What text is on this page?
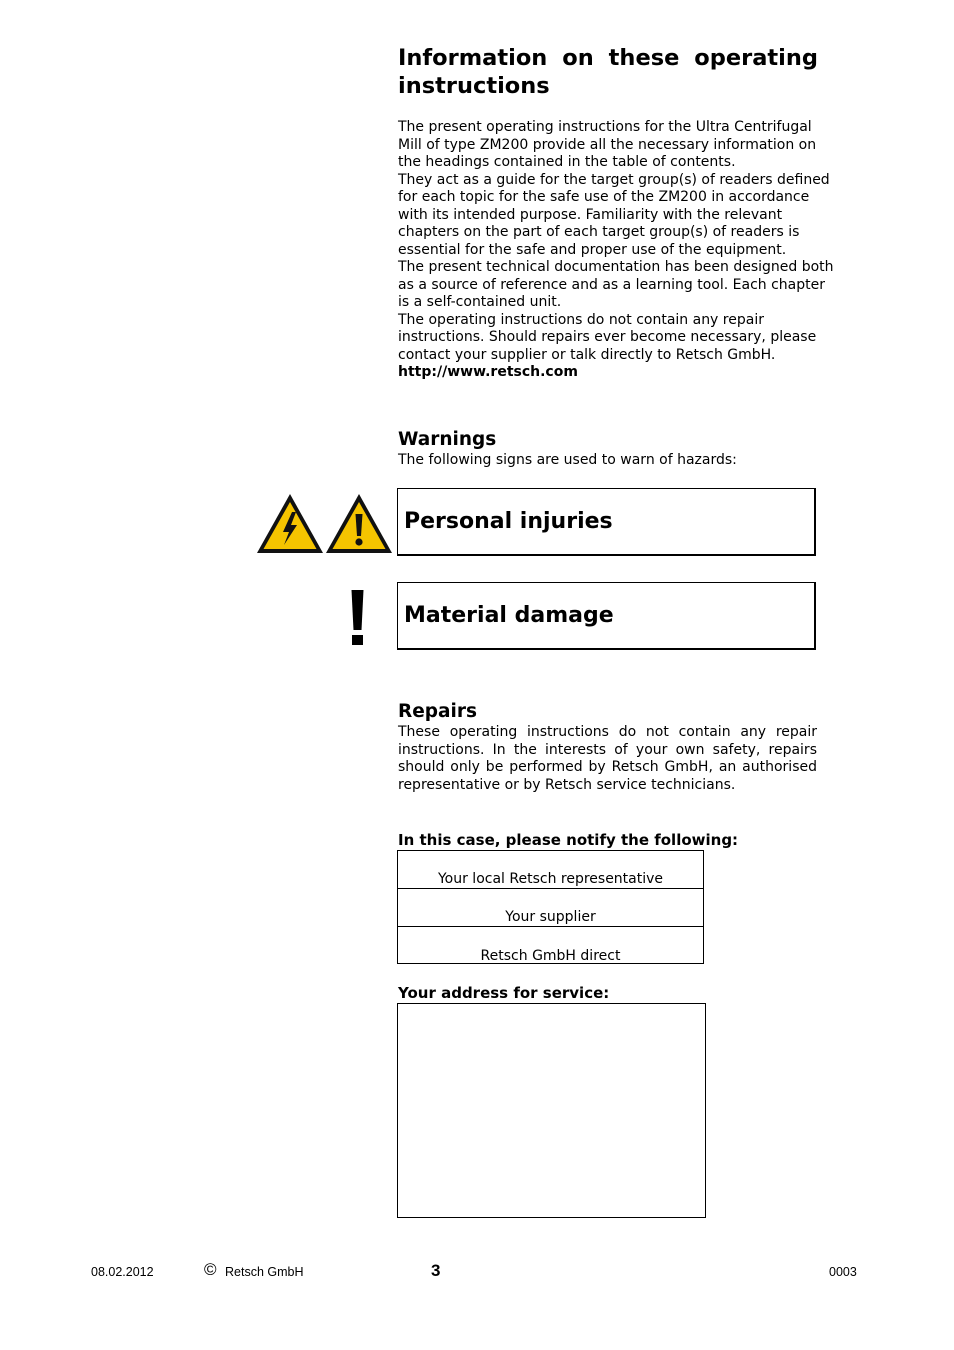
Information on these operating instructions

The present operating instructions for the Ultra Centrifugal Mill of type ZM200 provide all the necessary information on the headings contained in the table of contents.

They act as a guide for the target group(s) of readers defined for each topic for the safe use of the ZM200 in accordance with its intended purpose. Familiarity with the relevant chapters on the part of each target group(s) of readers is essential for the safe and proper use of the equipment.

The present technical documentation has been designed both as a source of reference and as a learning tool. Each chapter is a self-contained unit.

The operating instructions do not contain any repair instructions. Should repairs ever become necessary, please contact your supplier or talk directly to Retsch GmbH.

http://www.retsch.com

Warnings
The following signs are used to warn of hazards:
Personal injuries
Material damage
Repairs
These operating instructions do not contain any repair instructions. In the interests of your own safety, repairs should only be performed by Retsch GmbH, an authorised representative or by Retsch service technicians.
In this case, please notify the following:
Your local Retsch representative
Your supplier
Retsch GmbH direct
Your address for service:
08.02.2012	© Retsch GmbH	3	0003
